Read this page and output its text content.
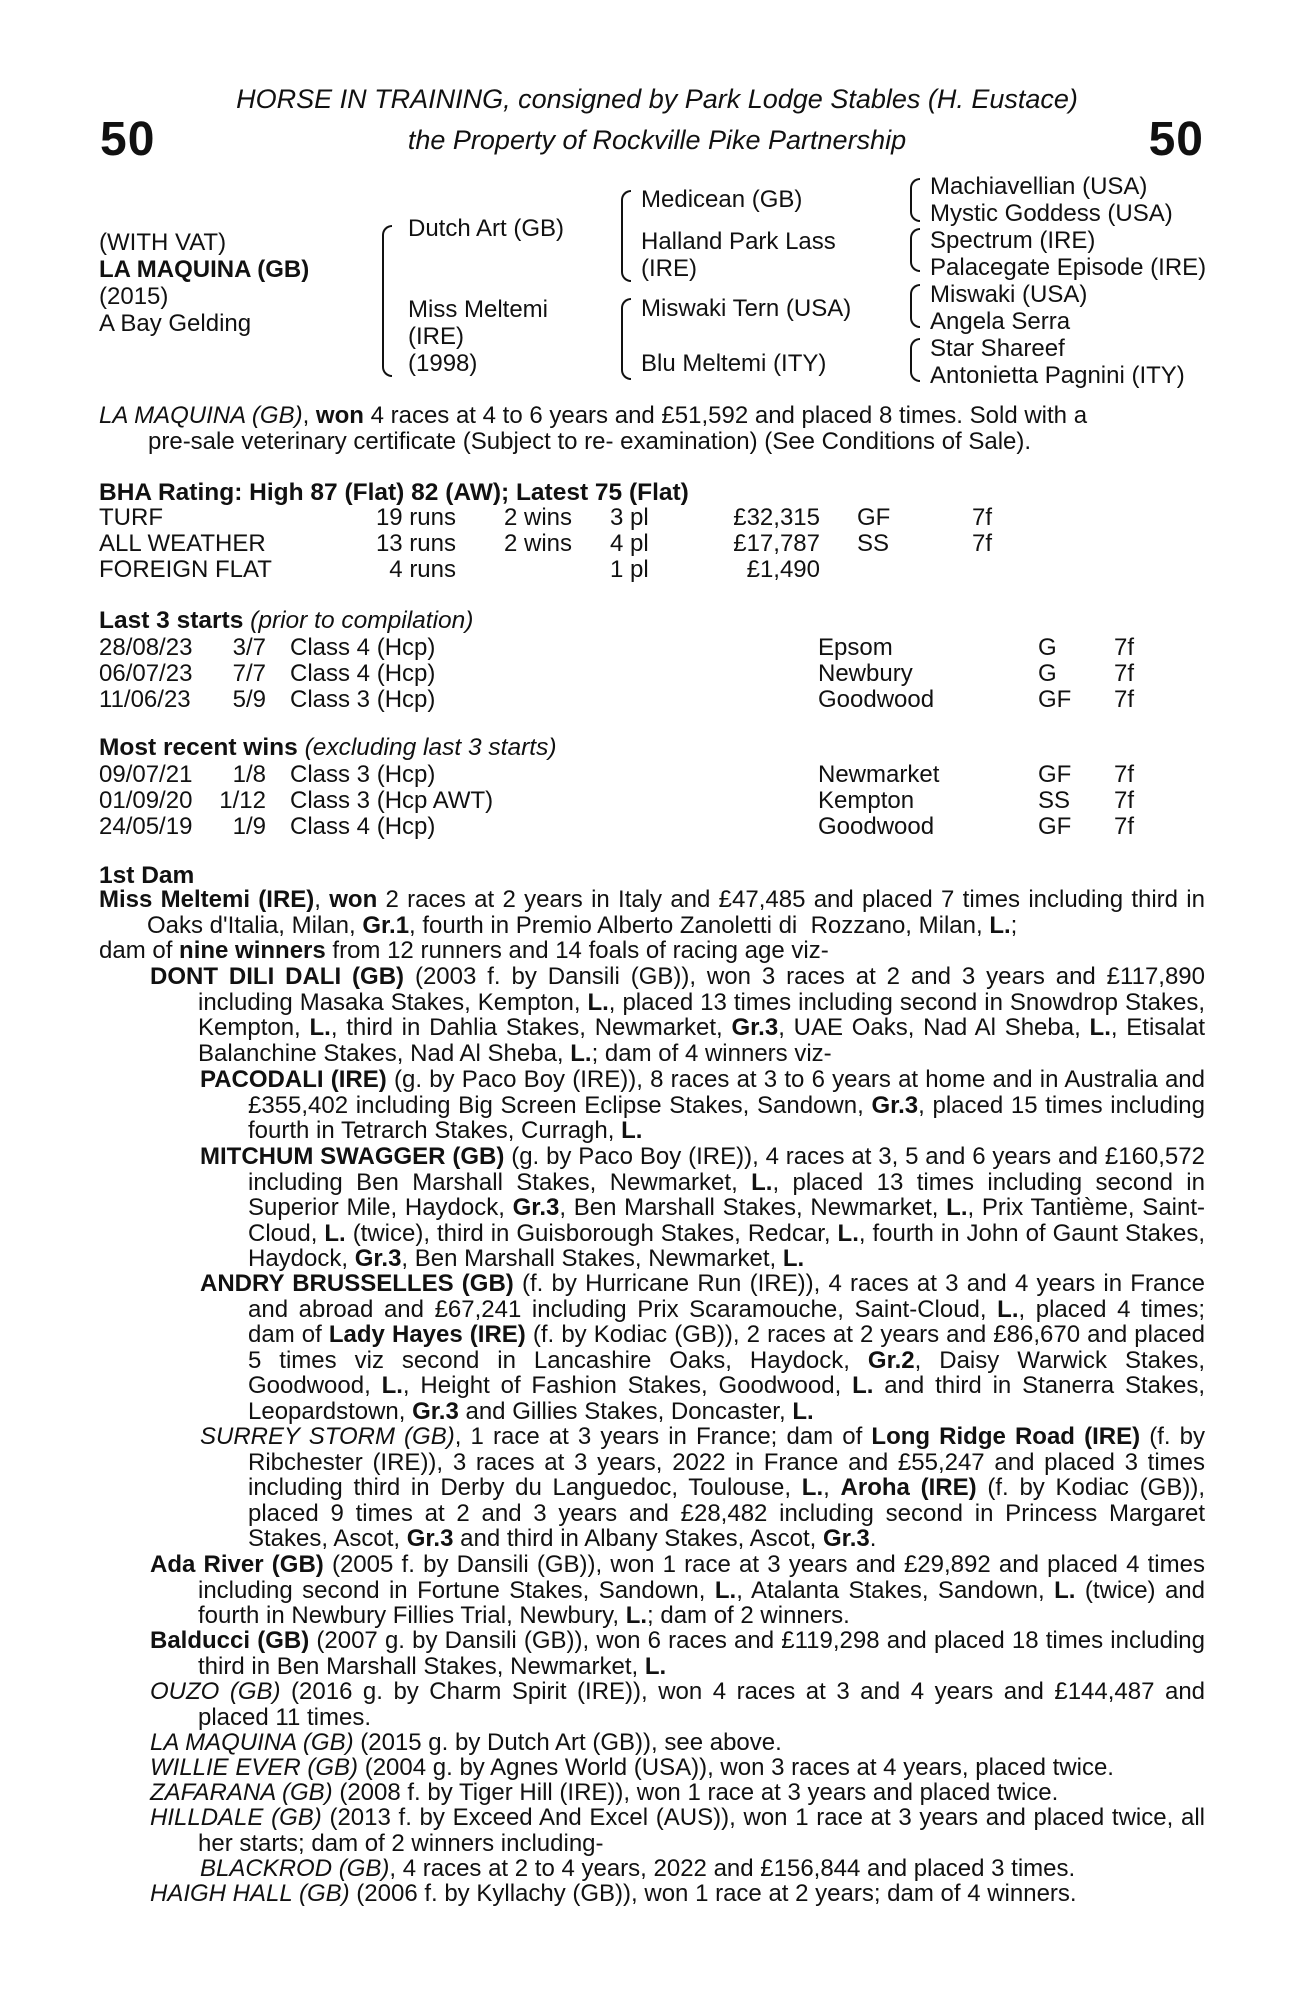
50	50
HORSE IN TRAINING, consigned by Park Lodge Stables (H. Eustace)
the Property of Rockville Pike Partnership
(WITH VAT)
LA MAQUINA (GB)
(2015)
A Bay Gelding
Dutch Art (GB)
Miss Meltemi
(IRE)
(1998)
Medicean (GB)
Halland Park Lass
(IRE)
Miswaki Tern (USA)
Blu Meltemi (ITY)
Machiavellian (USA)
Mystic Goddess (USA)
Spectrum (IRE)
Palacegate Episode (IRE)
Miswaki (USA)
Angela Serra
Star Shareef
Antonietta Pagnini (ITY)
LA MAQUINA (GB), won 4 races at 4 to 6 years and £51,592 and placed 8 times. Sold with a
pre-sale veterinary certificate (Subject to re- examination) (See Conditions of Sale).
BHA Rating: High 87 (Flat) 82 (AW); Latest 75 (Flat)
TURF	19 runs 2 wins 3 pl	£32,315 GF	7f
ALL WEATHER	13 runs 2 wins 4 pl	£17,787 SS	7f
FOREIGN FLAT	4 runs	1 pl	£1,490
Last 3 starts (prior to compilation)
28/08/23 3/7 Class 4 (Hcp)	Epsom	G 7f
06/07/23 7/7 Class 4 (Hcp)	Newbury	G 7f
11/06/23 5/9 Class 3 (Hcp)	Goodwood	GF 7f
Most recent wins (excluding last 3 starts)
09/07/21 1/8 Class 3 (Hcp)	Newmarket	GF 7f
01/09/20 1/12 Class 3 (Hcp AWT)	Kempton	SS 7f
24/05/19 1/9 Class 4 (Hcp)	Goodwood	GF 7f
1st Dam

Miss Meltemi (IRE), won 2 races at 2 years in Italy and £47,485 and placed 7 times including third in Oaks d'Italia, Milan, Gr.1, fourth in Premio Alberto Zanoletti di  Rozzano, Milan, L.;

dam of nine winners from 12 runners and 14 foals of racing age viz-

DONT DILI DALI (GB) (2003 f. by Dansili (GB)), won 3 races at 2 and 3 years and £117,890 including Masaka Stakes, Kempton, L., placed 13 times including second in Snowdrop Stakes, Kempton, L., third in Dahlia Stakes, Newmarket, Gr.3, UAE Oaks, Nad Al Sheba, L., Etisalat Balanchine Stakes, Nad Al Sheba, L.; dam of 4 winners viz-

PACODALI (IRE) (g. by Paco Boy (IRE)), 8 races at 3 to 6 years at home and in Australia and £355,402 including Big Screen Eclipse Stakes, Sandown, Gr.3, placed 15 times including fourth in Tetrarch Stakes, Curragh, L.

MITCHUM SWAGGER (GB) (g. by Paco Boy (IRE)), 4 races at 3, 5 and 6 years and £160,572 including Ben Marshall Stakes, Newmarket, L., placed 13 times including second in Superior Mile, Haydock, Gr.3, Ben Marshall Stakes, Newmarket, L., Prix Tantième, Saint-Cloud, L. (twice), third in Guisborough Stakes, Redcar, L., fourth in John of Gaunt Stakes, Haydock, Gr.3, Ben Marshall Stakes, Newmarket, L.

ANDRY BRUSSELLES (GB) (f. by Hurricane Run (IRE)), 4 races at 3 and 4 years in France and abroad and £67,241 including Prix Scaramouche, Saint-Cloud, L., placed 4 times; dam of Lady Hayes (IRE) (f. by Kodiac (GB)), 2 races at 2 years and £86,670 and placed 5 times viz second in Lancashire Oaks, Haydock, Gr.2, Daisy Warwick Stakes, Goodwood, L., Height of Fashion Stakes, Goodwood, L. and third in Stanerra Stakes, Leopardstown, Gr.3 and Gillies Stakes, Doncaster, L.

SURREY STORM (GB), 1 race at 3 years in France; dam of Long Ridge Road (IRE) (f. by Ribchester (IRE)), 3 races at 3 years, 2022 in France and £55,247 and placed 3 times including third in Derby du Languedoc, Toulouse, L., Aroha (IRE) (f. by Kodiac (GB)), placed 9 times at 2 and 3 years and £28,482 including second in Princess Margaret Stakes, Ascot, Gr.3 and third in Albany Stakes, Ascot, Gr.3.

Ada River (GB) (2005 f. by Dansili (GB)), won 1 race at 3 years and £29,892 and placed 4 times including second in Fortune Stakes, Sandown, L., Atalanta Stakes, Sandown, L. (twice) and fourth in Newbury Fillies Trial, Newbury, L.; dam of 2 winners.

Balducci (GB) (2007 g. by Dansili (GB)), won 6 races and £119,298 and placed 18 times including third in Ben Marshall Stakes, Newmarket, L.

OUZO (GB) (2016 g. by Charm Spirit (IRE)), won 4 races at 3 and 4 years and £144,487 and placed 11 times.

LA MAQUINA (GB) (2015 g. by Dutch Art (GB)), see above.

WILLIE EVER (GB) (2004 g. by Agnes World (USA)), won 3 races at 4 years, placed twice.

ZAFARANA (GB) (2008 f. by Tiger Hill (IRE)), won 1 race at 3 years and placed twice.

HILLDALE (GB) (2013 f. by Exceed And Excel (AUS)), won 1 race at 3 years and placed twice, all her starts; dam of 2 winners including-

BLACKROD (GB), 4 races at 2 to 4 years, 2022 and £156,844 and placed 3 times.

HAIGH HALL (GB) (2006 f. by Kyllachy (GB)), won 1 race at 2 years; dam of 4 winners.
